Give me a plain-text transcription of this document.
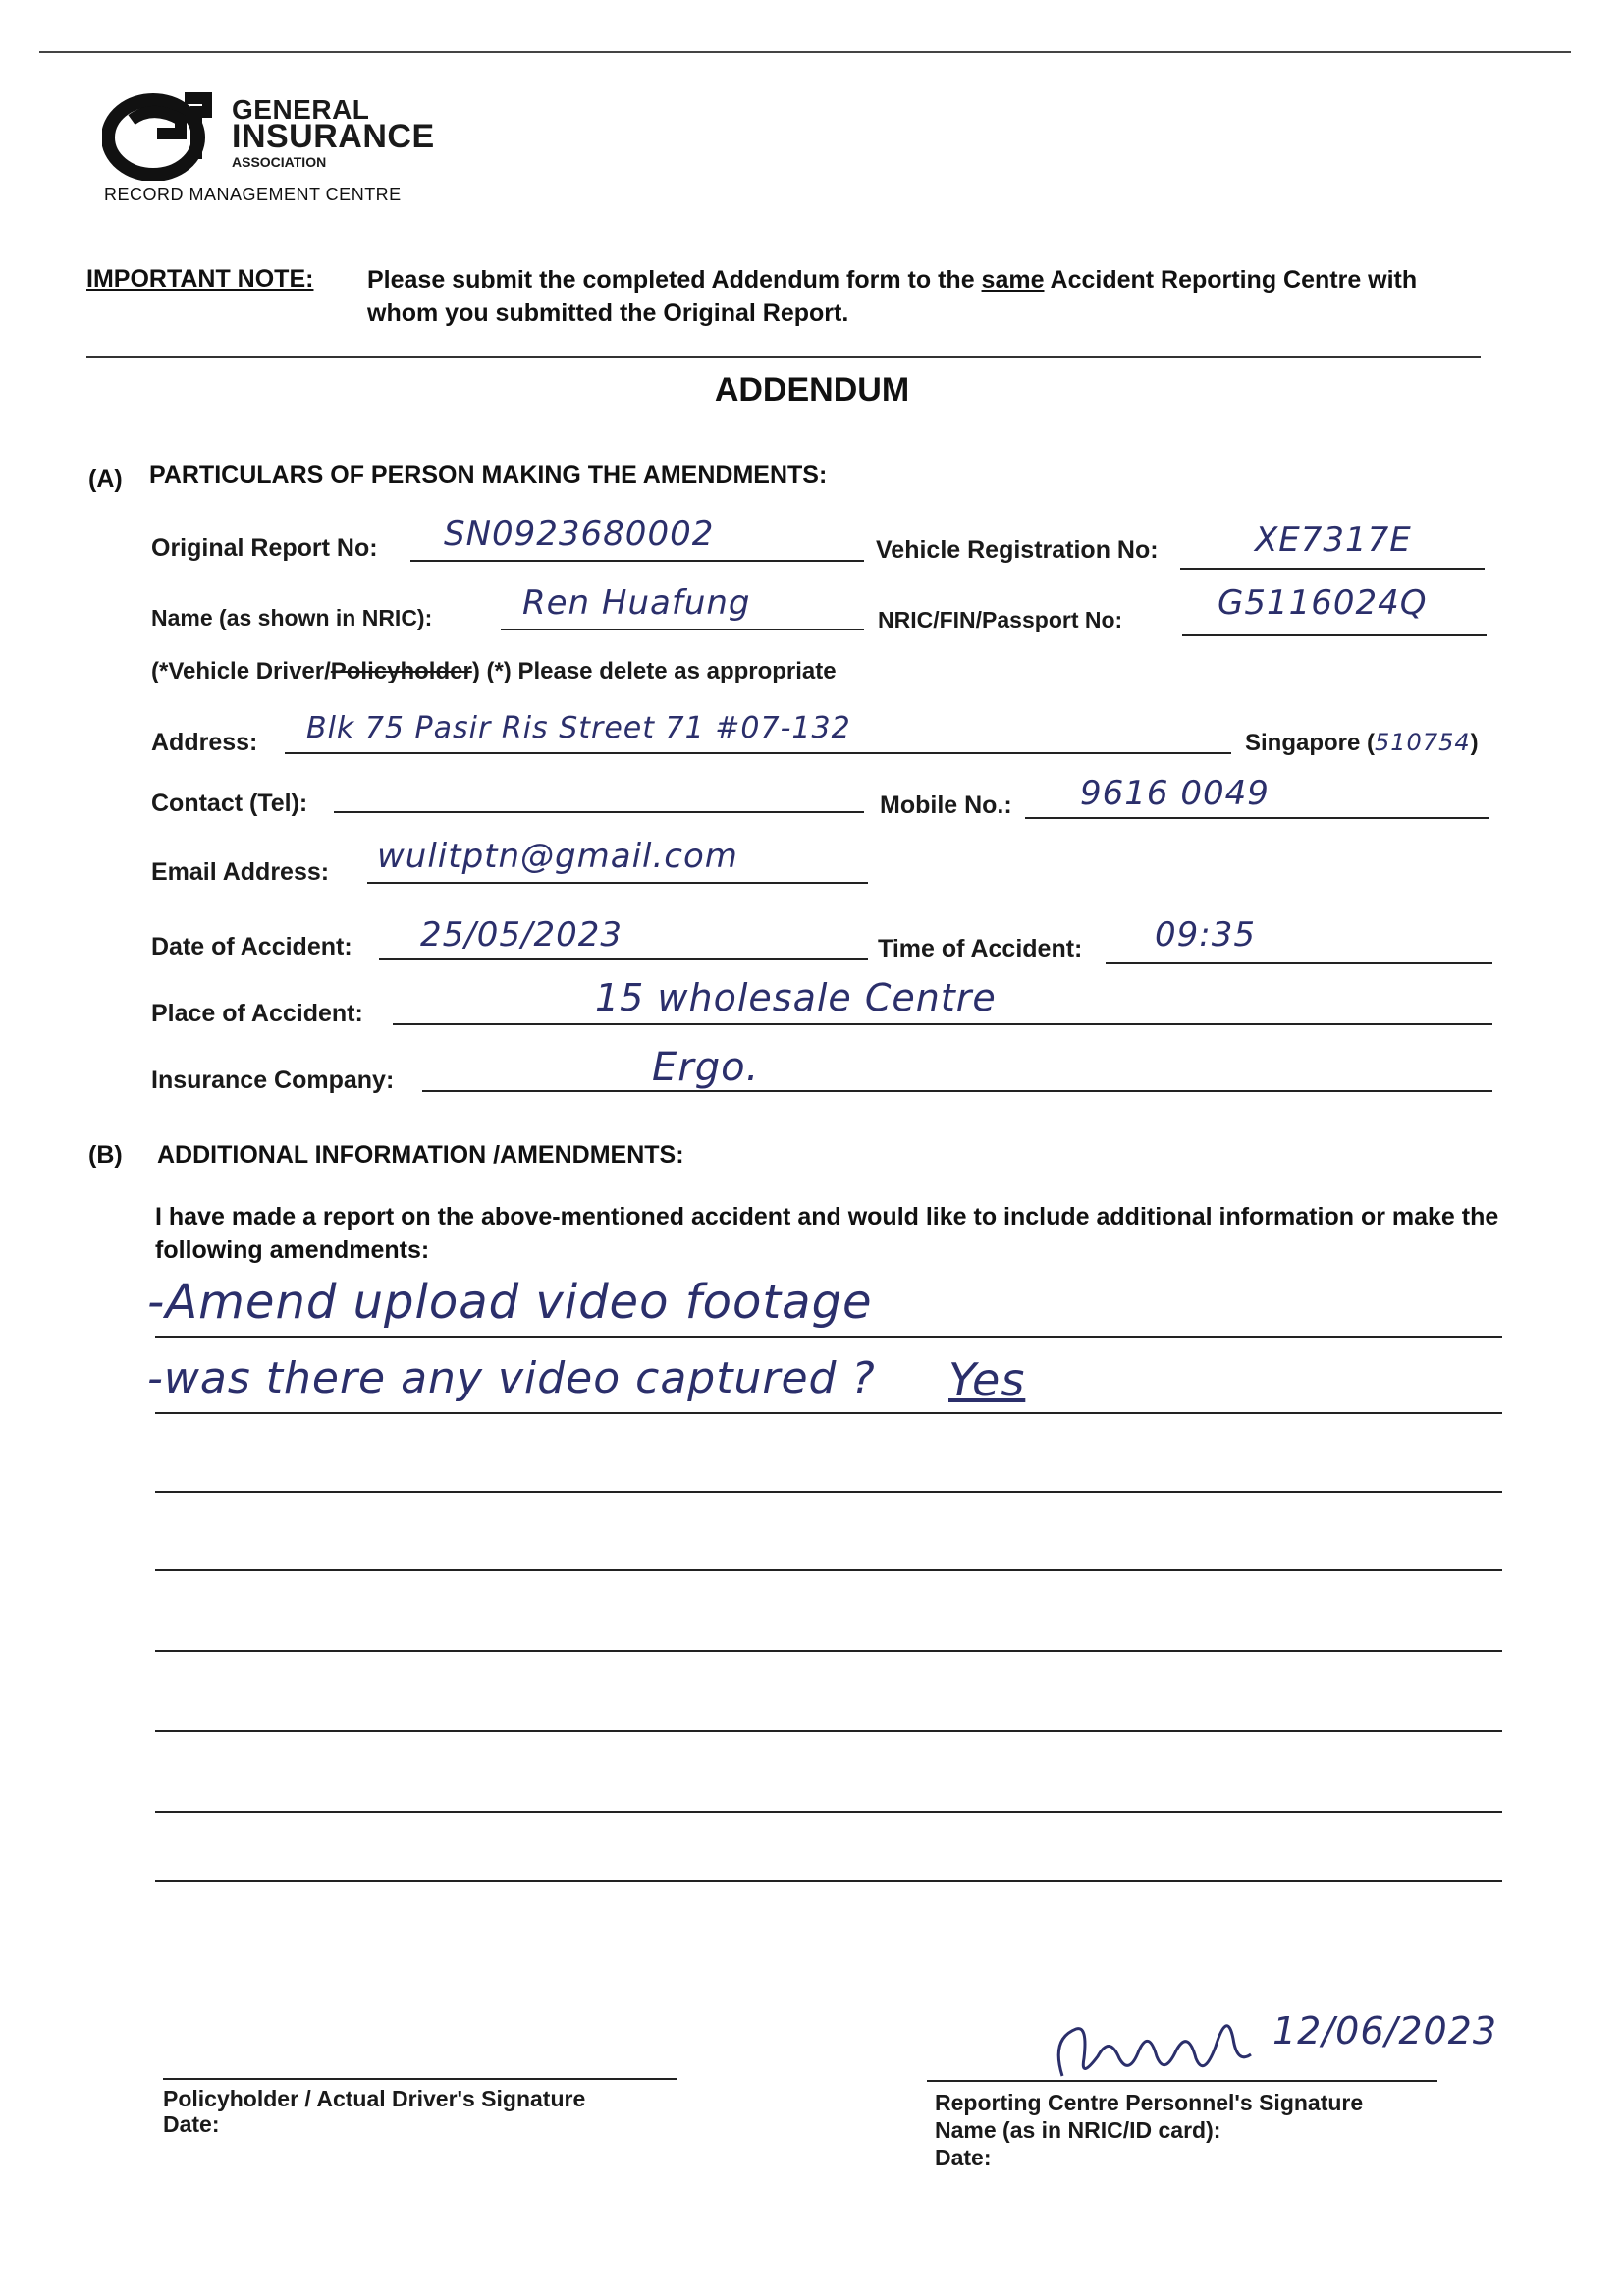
GENERAL
INSURANCE
ASSOCIATION
RECORD MANAGEMENT CENTRE
IMPORTANT NOTE: Please submit the completed Addendum form to the same Accident Reporting Centre with whom you submitted the Original Report.
ADDENDUM
(A) PARTICULARS OF PERSON MAKING THE AMENDMENTS:
Original Report No: SN0923680002	Vehicle Registration No:	XE7317E
Name (as shown in NRIC):	Ren Huafung	NRIC/FIN/Passport No:	G5116024Q
(*Vehicle Driver/Policyholder) (*) Please delete as appropriate
Address: Blk 75 Pasir Ris Street 71 #07-132	Singapore (510754)
Contact (Tel):	Mobile No.: 9616 0049
Email Address: wulitptn@gmail.com
Date of Accident: 25/05/2023	Time of Accident: 09:35
Place of Accident:	15 wholesale Centre
Insurance Company:	Ergo.
(B) ADDITIONAL INFORMATION /AMENDMENTS:
I have made a report on the above-mentioned accident and would like to include additional information or make the following amendments:
-Amend upload video footage
-was there any video captured ? Yes
Policyholder / Actual Driver's Signature
Date:
12/06/2023
Reporting Centre Personnel's Signature
Name (as in NRIC/ID card):
Date:
